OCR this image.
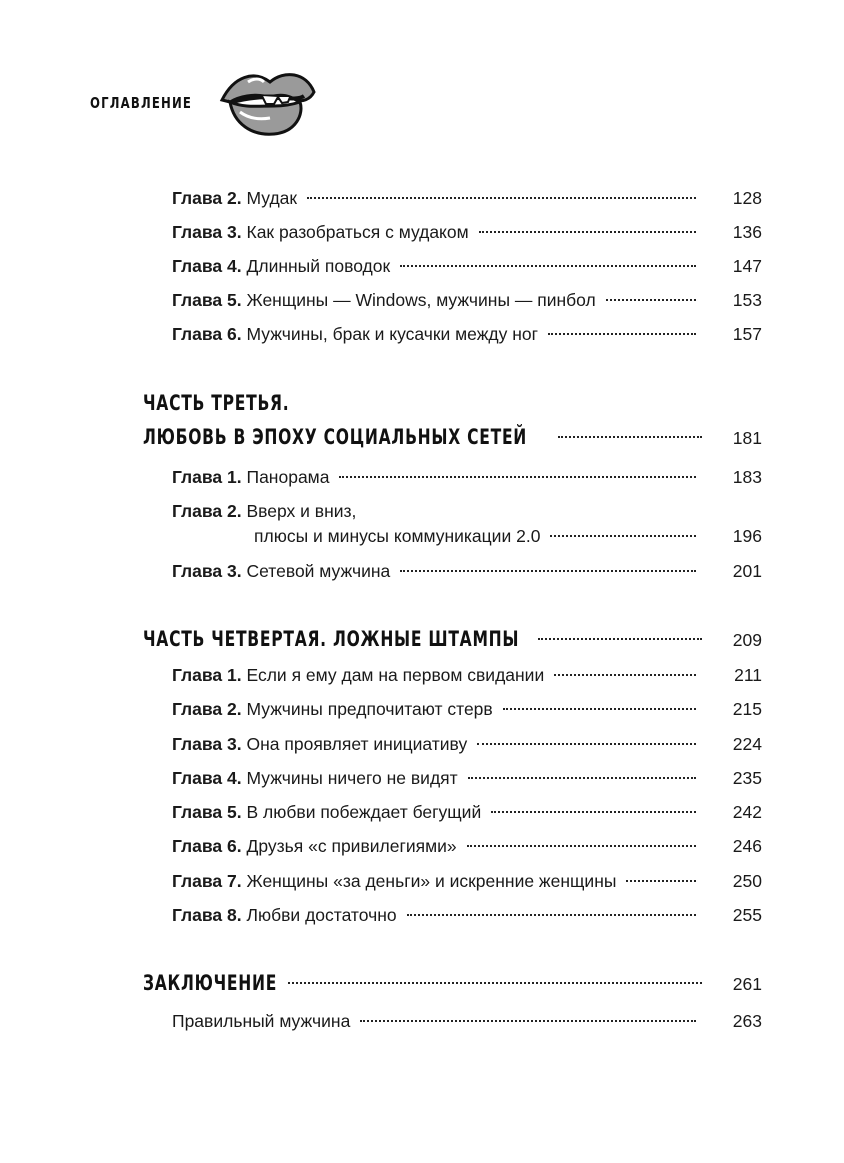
ОГЛАВЛЕНИЕ
Глава 2. Мудак	128
Глава 3. Как разобраться с мудаком	136
Глава 4. Длинный поводок	147
Глава 5. Женщины — Windows, мужчины — пинбол	153
Глава 6. Мужчины, брак и кусачки между ног	157
ЧАСТЬ ТРЕТЬЯ.
ЛЮБОВЬ В ЭПОХУ СОЦИАЛЬНЫХ СЕТЕЙ	181
Глава 1. Панорама	183
Глава 2. Вверх и вниз,
плюсы и минусы коммуникации 2.0	196
Глава 3. Сетевой мужчина	201
ЧАСТЬ ЧЕТВЕРТАЯ. ЛОЖНЫЕ ШТАМПЫ	209
Глава 1. Если я ему дам на первом свидании	211
Глава 2. Мужчины предпочитают стерв	215
Глава 3. Она проявляет инициативу	224
Глава 4. Мужчины ничего не видят	235
Глава 5. В любви побеждает бегущий	242
Глава 6. Друзья «с привилегиями»	246
Глава 7. Женщины «за деньги» и искренние женщины	250
Глава 8. Любви достаточно	255
ЗАКЛЮЧЕНИЕ	261
Правильный мужчина	263
